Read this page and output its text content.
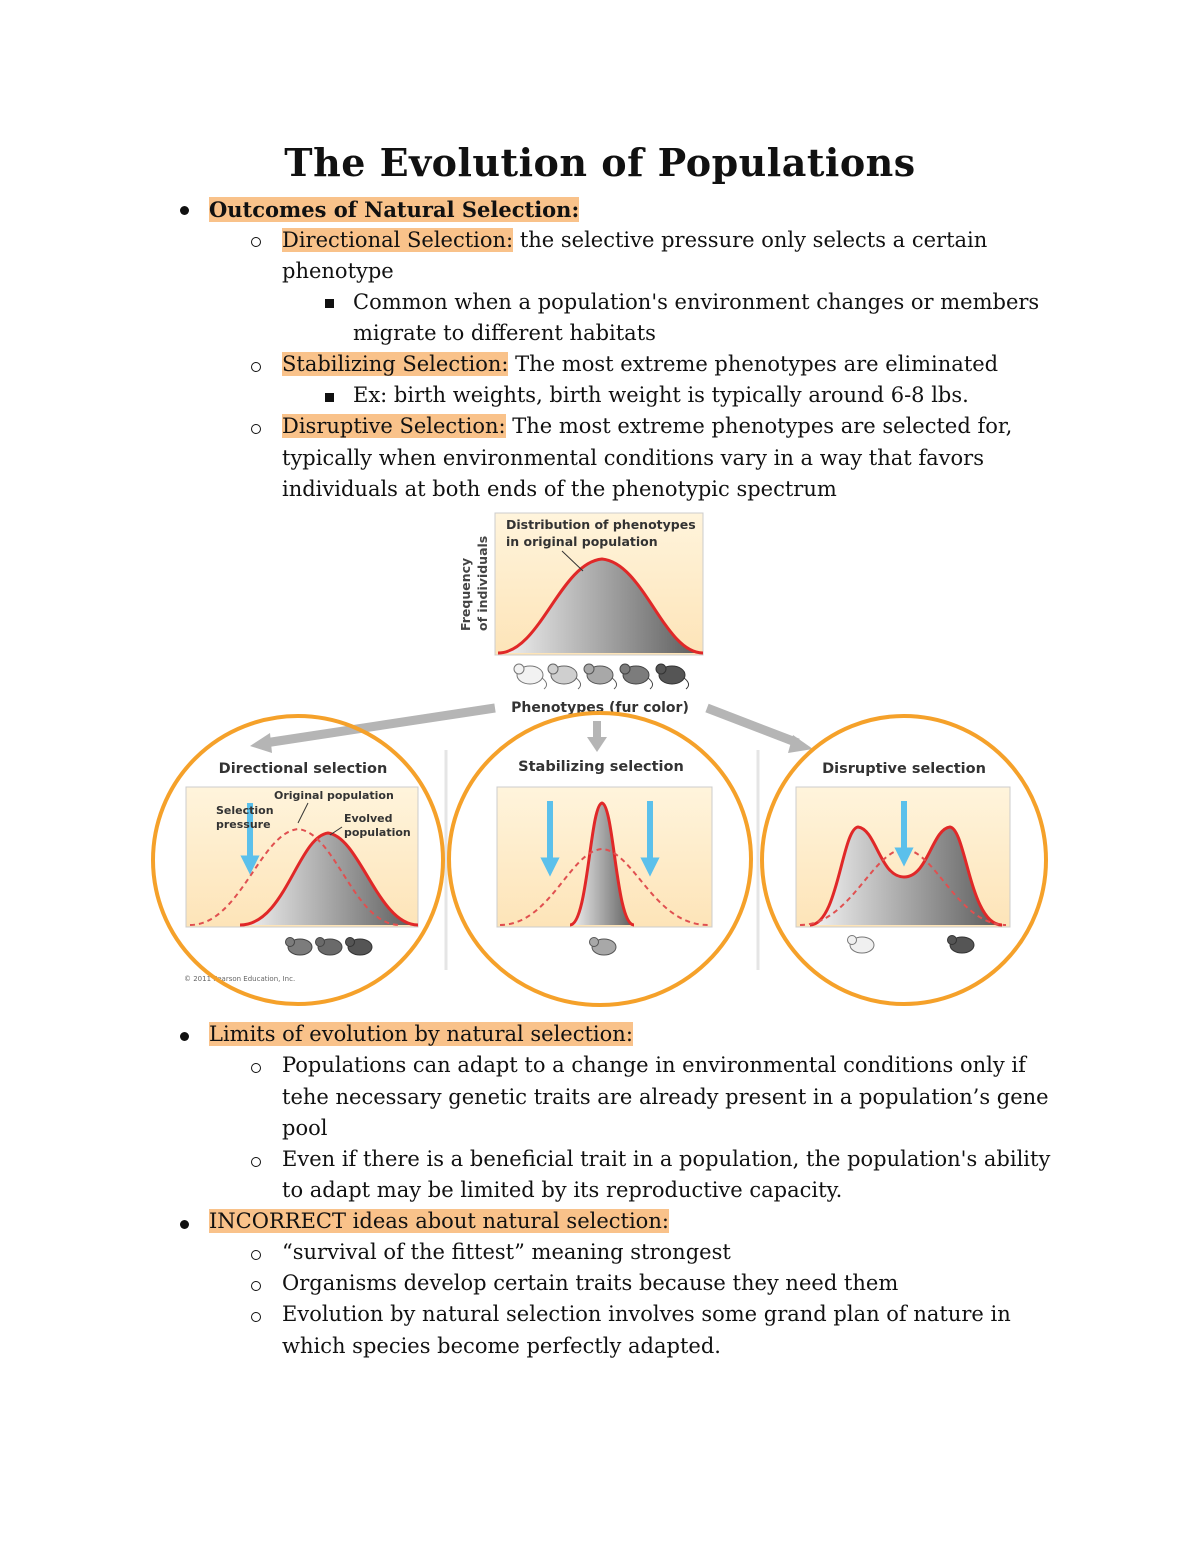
The Evolution of Populations
Outcomes of Natural Selection:
Directional Selection: the selective pressure only selects a certain
phenotype
Common when a population's environment changes or members
migrate to different habitats
Stabilizing Selection: The most extreme phenotypes are eliminated
Ex: birth weights, birth weight is typically around 6-8 lbs.
Disruptive Selection: The most extreme phenotypes are selected for,
typically when environmental conditions vary in a way that favors
individuals at both ends of the phenotypic spectrum
Distribution of phenotypes
in original population
Frequency of individuals
Phenotypes (fur color)
Directional selection
Selection
pressure
Original population
Evolved
population
© 2011 Pearson Education, Inc.
Stabilizing selection	Disruptive selection
Limits of evolution by natural selection:
Populations can adapt to a change in environmental conditions only if
tehe necessary genetic traits are already present in a population’s gene
pool
Even if there is a beneficial trait in a population, the population's ability
to adapt may be limited by its reproductive capacity.
INCORRECT ideas about natural selection:
“survival of the fittest” meaning strongest
Organisms develop certain traits because they need them
Evolution by natural selection involves some grand plan of nature in
which species become perfectly adapted.
